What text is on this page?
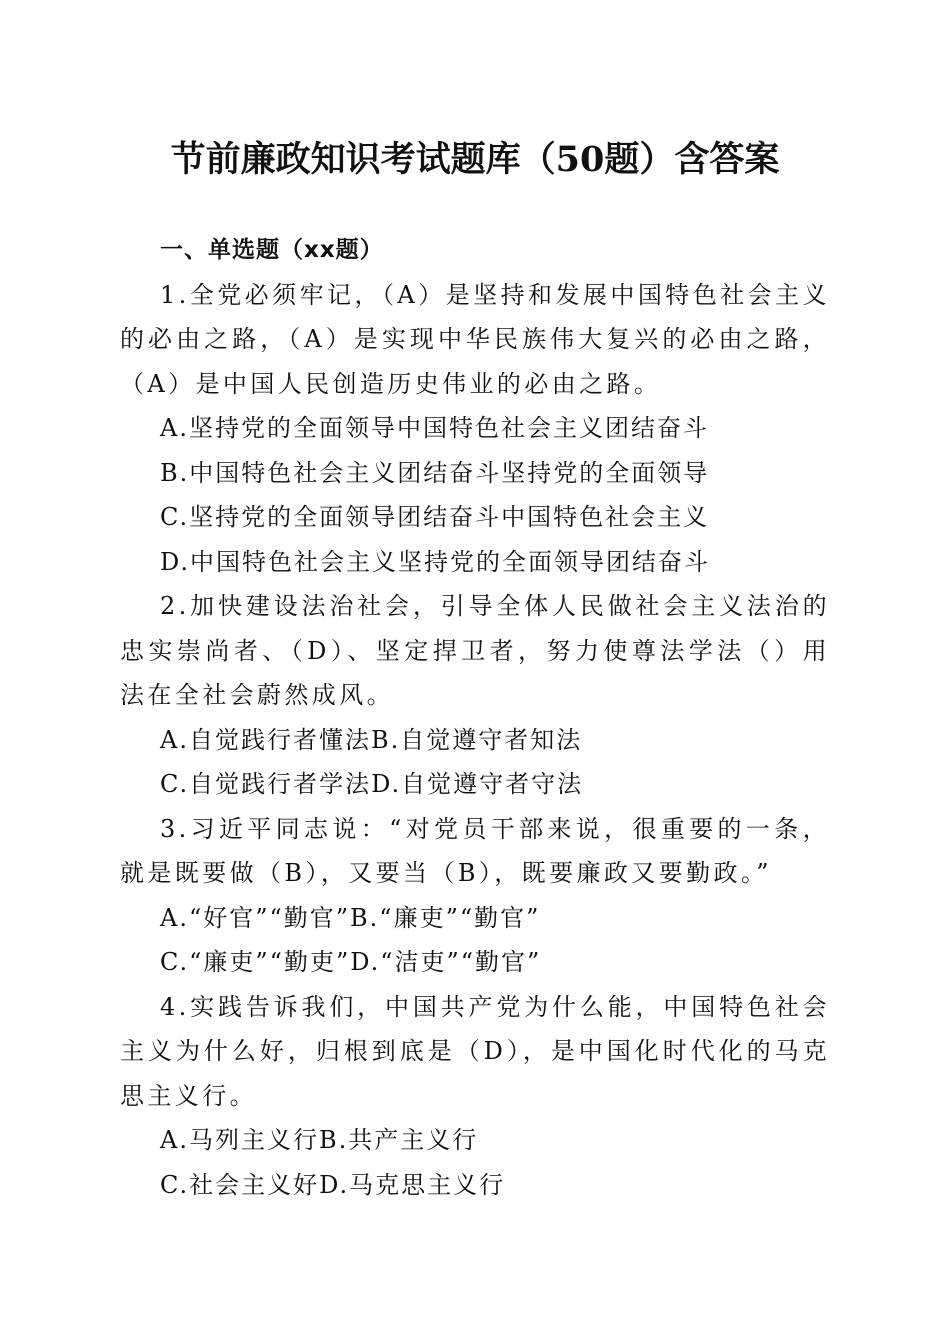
节前廉政知识考试题库（50题）含答案
一、单选题（xx题）

1.全党必须牢记，（A）是坚持和发展中国特色社会主义的必由之路，（A）是实现中华民族伟大复兴的必由之路，（A）是中国人民创造历史伟业的必由之路。

A.坚持党的全面领导中国特色社会主义团结奋斗

B.中国特色社会主义团结奋斗坚持党的全面领导

C.坚持党的全面领导团结奋斗中国特色社会主义

D.中国特色社会主义坚持党的全面领导团结奋斗

2.加快建设法治社会，引导全体人民做社会主义法治的忠实崇尚者、（D）、坚定捍卫者，努力使尊法学法（）用法在全社会蔚然成风。

A.自觉践行者懂法B.自觉遵守者知法

C.自觉践行者学法D.自觉遵守者守法

3.习近平同志说：“对党员干部来说，很重要的一条，就是既要做（B），又要当（B），既要廉政又要勤政。”

A.“好官”“勤官”B.“廉吏”“勤官”

C.“廉吏”“勤吏”D.“洁吏”“勤官”

4.实践告诉我们，中国共产党为什么能，中国特色社会主义为什么好，归根到底是（D），是中国化时代化的马克思主义行。

A.马列主义行B.共产主义行

C.社会主义好D.马克思主义行
